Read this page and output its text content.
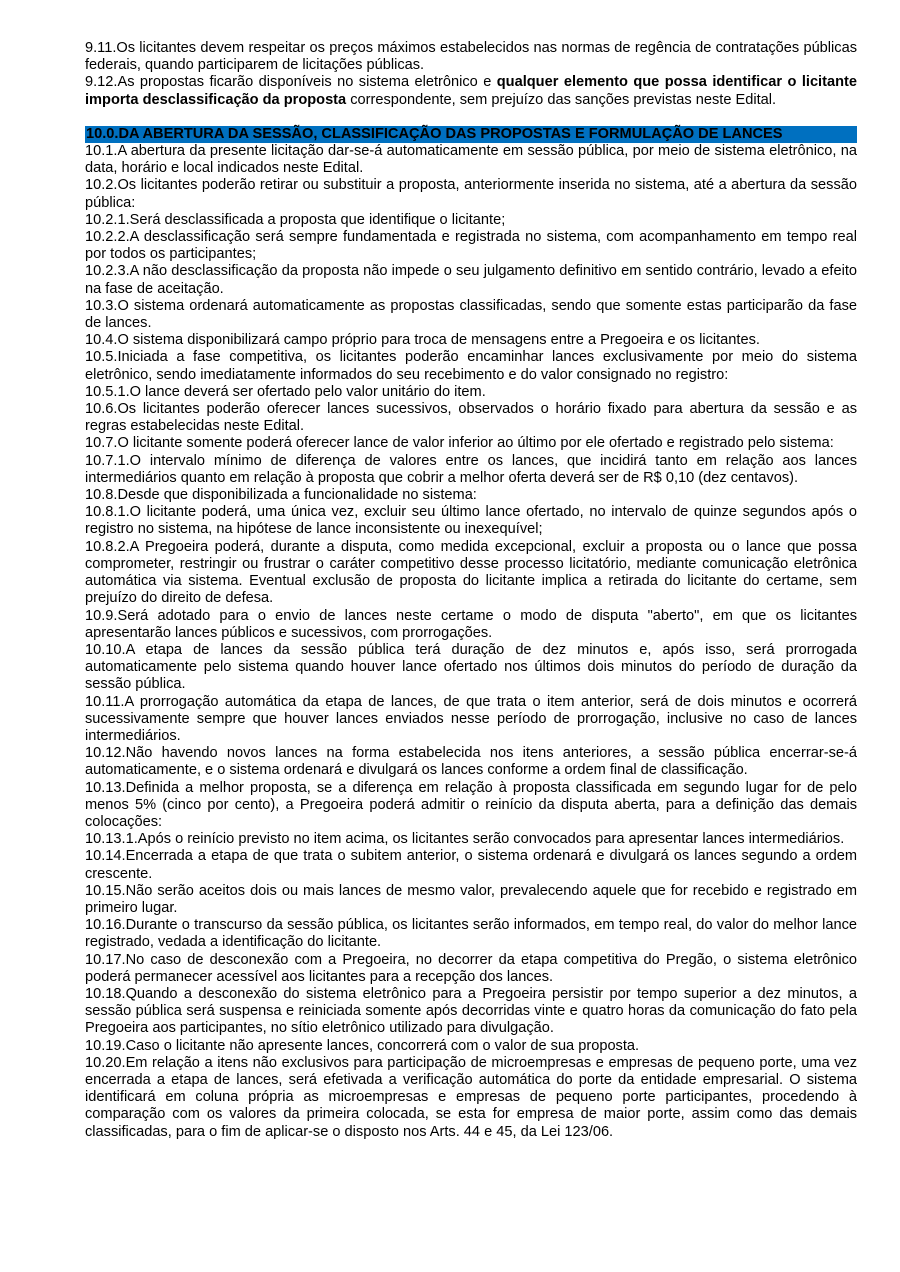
9.11.Os licitantes devem respeitar os preços máximos estabelecidos nas normas de regência de contratações públicas federais, quando participarem de licitações públicas.

9.12.As propostas ficarão disponíveis no sistema eletrônico e qualquer elemento que possa identificar o licitante importa desclassificação da proposta correspondente, sem prejuízo das sanções previstas neste Edital.

10.0.DA ABERTURA DA SESSÃO, CLASSIFICAÇÃO DAS PROPOSTAS E FORMULAÇÃO DE LANCES

10.1.A abertura da presente licitação dar-se-á automaticamente em sessão pública, por meio de sistema eletrônico, na data, horário e local indicados neste Edital.

10.2.Os licitantes poderão retirar ou substituir a proposta, anteriormente inserida no sistema, até a abertura da sessão pública:

10.2.1.Será desclassificada a proposta que identifique o licitante;

10.2.2.A desclassificação será sempre fundamentada e registrada no sistema, com acompanhamento em tempo real por todos os participantes;

10.2.3.A não desclassificação da proposta não impede o seu julgamento definitivo em sentido contrário, levado a efeito na fase de aceitação.

10.3.O sistema ordenará automaticamente as propostas classificadas, sendo que somente estas participarão da fase de lances.

10.4.O sistema disponibilizará campo próprio para troca de mensagens entre a Pregoeira e os licitantes.

10.5.Iniciada a fase competitiva, os licitantes poderão encaminhar lances exclusivamente por meio do sistema eletrônico, sendo imediatamente informados do seu recebimento e do valor consignado no registro:

10.5.1.O lance deverá ser ofertado pelo valor unitário do item.

10.6.Os licitantes poderão oferecer lances sucessivos, observados o horário fixado para abertura da sessão e as regras estabelecidas neste Edital.

10.7.O licitante somente poderá oferecer lance de valor inferior ao último por ele ofertado e registrado pelo sistema:

10.7.1.O intervalo mínimo de diferença de valores entre os lances, que incidirá tanto em relação aos lances intermediários quanto em relação à proposta que cobrir a melhor oferta deverá ser de R$ 0,10 (dez centavos).

10.8.Desde que disponibilizada a funcionalidade no sistema:

10.8.1.O licitante poderá, uma única vez, excluir seu último lance ofertado, no intervalo de quinze segundos após o registro no sistema, na hipótese de lance inconsistente ou inexequível;

10.8.2.A Pregoeira poderá, durante a disputa, como medida excepcional, excluir a proposta ou o lance que possa comprometer, restringir ou frustrar o caráter competitivo desse processo licitatório, mediante comunicação eletrônica automática via sistema. Eventual exclusão de proposta do licitante implica a retirada do licitante do certame, sem prejuízo do direito de defesa.

10.9.Será adotado para o envio de lances neste certame o modo de disputa "aberto", em que os licitantes apresentarão lances públicos e sucessivos, com prorrogações.

10.10.A etapa de lances da sessão pública terá duração de dez minutos e, após isso, será prorrogada automaticamente pelo sistema quando houver lance ofertado nos últimos dois minutos do período de duração da sessão pública.

10.11.A prorrogação automática da etapa de lances, de que trata o item anterior, será de dois minutos e ocorrerá sucessivamente sempre que houver lances enviados nesse período de prorrogação, inclusive no caso de lances intermediários.

10.12.Não havendo novos lances na forma estabelecida nos itens anteriores, a sessão pública encerrar-se-á automaticamente, e o sistema ordenará e divulgará os lances conforme a ordem final de classificação.

10.13.Definida a melhor proposta, se a diferença em relação à proposta classificada em segundo lugar for de pelo menos 5% (cinco por cento), a Pregoeira poderá admitir o reinício da disputa aberta, para a definição das demais colocações:

10.13.1.Após o reinício previsto no item acima, os licitantes serão convocados para apresentar lances intermediários.

10.14.Encerrada a etapa de que trata o subitem anterior, o sistema ordenará e divulgará os lances segundo a ordem crescente.

10.15.Não serão aceitos dois ou mais lances de mesmo valor, prevalecendo aquele que for recebido e registrado em primeiro lugar.

10.16.Durante o transcurso da sessão pública, os licitantes serão informados, em tempo real, do valor do melhor lance registrado, vedada a identificação do licitante.

10.17.No caso de desconexão com a Pregoeira, no decorrer da etapa competitiva do Pregão, o sistema eletrônico poderá permanecer acessível aos licitantes para a recepção dos lances.

10.18.Quando a desconexão do sistema eletrônico para a Pregoeira persistir por tempo superior a dez minutos, a sessão pública será suspensa e reiniciada somente após decorridas vinte e quatro horas da comunicação do fato pela Pregoeira aos participantes, no sítio eletrônico utilizado para divulgação.

10.19.Caso o licitante não apresente lances, concorrerá com o valor de sua proposta.

10.20.Em relação a itens não exclusivos para participação de microempresas e empresas de pequeno porte, uma vez encerrada a etapa de lances, será efetivada a verificação automática do porte da entidade empresarial. O sistema identificará em coluna própria as microempresas e empresas de pequeno porte participantes, procedendo à comparação com os valores da primeira colocada, se esta for empresa de maior porte, assim como das demais classificadas, para o fim de aplicar-se o disposto nos Arts. 44 e 45, da Lei 123/06.
